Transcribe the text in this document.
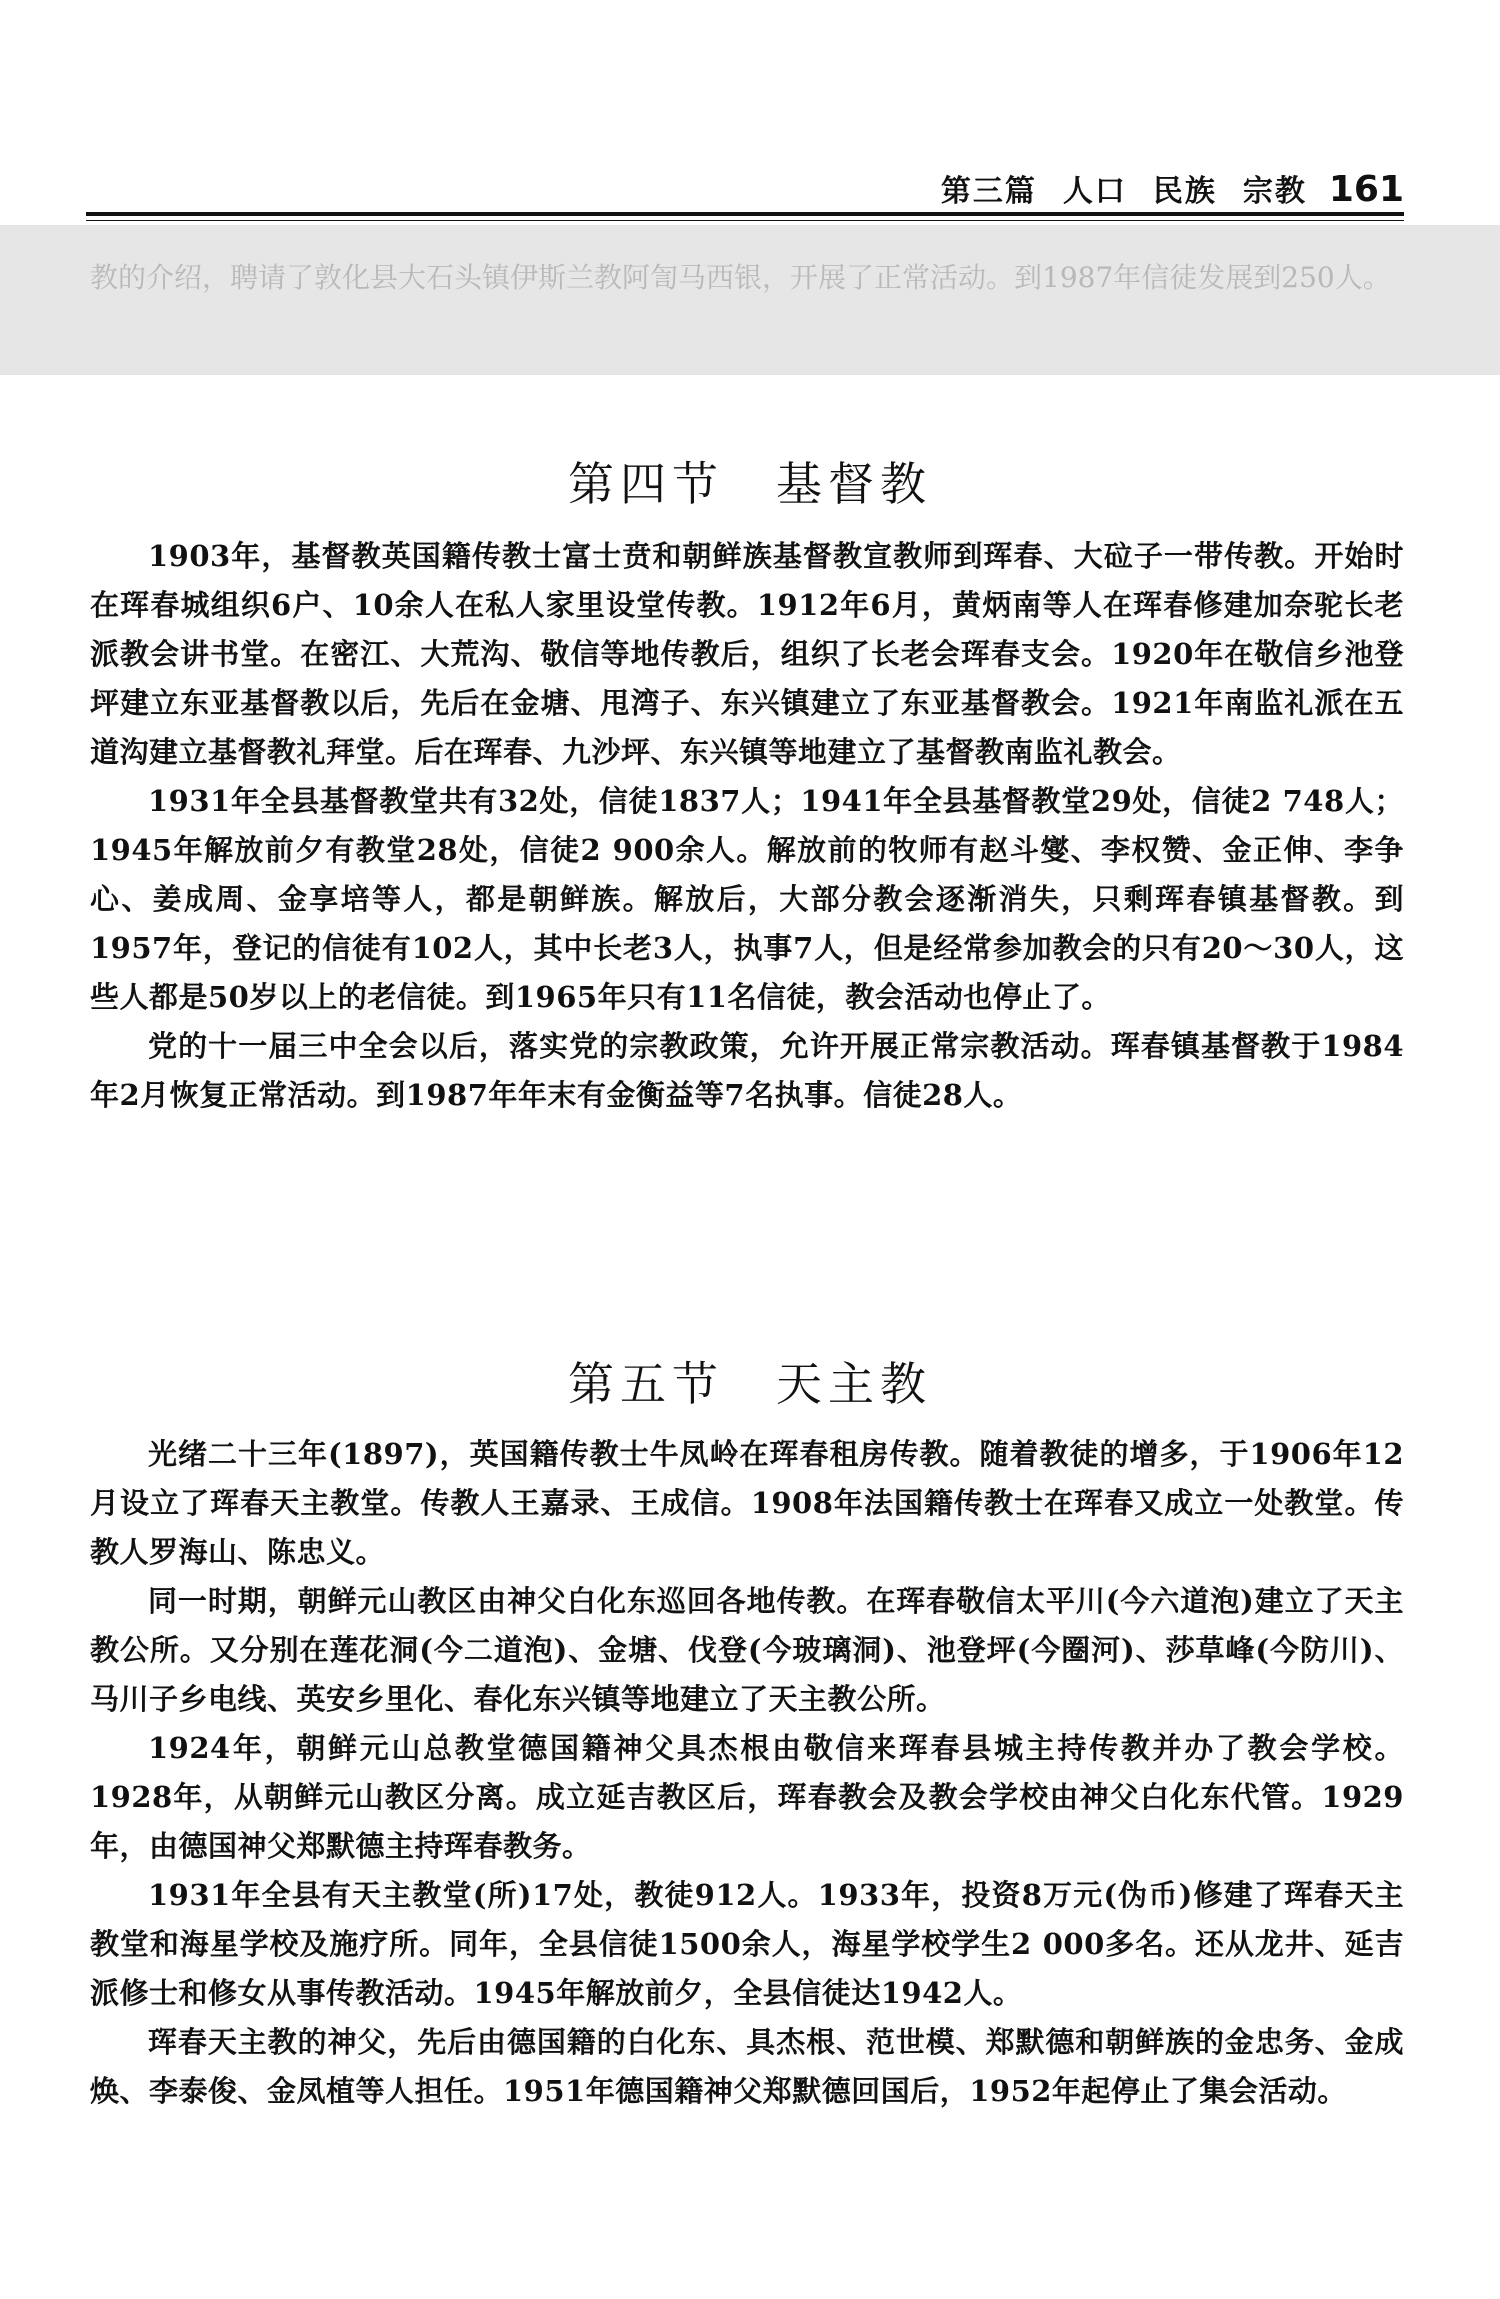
第三篇 人口 民族 宗教 161

教的介绍，聘请了敦化县大石头镇伊斯兰教阿訇马西银，开展了正常活动。到1987年信徒发展到250人。

第四节 基督教

1903年，基督教英国籍传教士富士贲和朝鲜族基督教宣教师到珲春、大砬子一带传教。开始时在珲春城组织6户、10余人在私人家里设堂传教。1912年6月，黄炳南等人在珲春修建加奈驼长老派教会讲书堂。在密江、大荒沟、敬信等地传教后，组织了长老会珲春支会。1920年在敬信乡池登坪建立东亚基督教以后，先后在金塘、甩湾子、东兴镇建立了东亚基督教会。1921年南监礼派在五道沟建立基督教礼拜堂。后在珲春、九沙坪、东兴镇等地建立了基督教南监礼教会。

1931年全县基督教堂共有32处，信徒1837人；1941年全县基督教堂29处，信徒2 748人；1945年解放前夕有教堂28处，信徒2 900余人。解放前的牧师有赵斗燮、李权赞、金正伸、李争心、姜成周、金享培等人，都是朝鲜族。解放后，大部分教会逐渐消失，只剩珲春镇基督教。到1957年，登记的信徒有102人，其中长老3人，执事7人，但是经常参加教会的只有20～30人，这些人都是50岁以上的老信徒。到1965年只有11名信徒，教会活动也停止了。

党的十一届三中全会以后，落实党的宗教政策，允许开展正常宗教活动。珲春镇基督教于1984年2月恢复正常活动。到1987年年末有金衡益等7名执事。信徒28人。

第五节 天主教

光绪二十三年(1897)，英国籍传教士牛凤岭在珲春租房传教。随着教徒的增多，于1906年12月设立了珲春天主教堂。传教人王嘉录、王成信。1908年法国籍传教士在珲春又成立一处教堂。传教人罗海山、陈忠义。

同一时期，朝鲜元山教区由神父白化东巡回各地传教。在珲春敬信太平川(今六道泡)建立了天主教公所。又分别在莲花洞(今二道泡)、金塘、伐登(今玻璃洞)、池登坪(今圈河)、莎草峰(今防川)、马川子乡电线、英安乡里化、春化东兴镇等地建立了天主教公所。

1924年，朝鲜元山总教堂德国籍神父具杰根由敬信来珲春县城主持传教并办了教会学校。1928年，从朝鲜元山教区分离。成立延吉教区后，珲春教会及教会学校由神父白化东代管。1929年，由德国神父郑默德主持珲春教务。

1931年全县有天主教堂(所)17处，教徒912人。1933年，投资8万元(伪币)修建了珲春天主教堂和海星学校及施疗所。同年，全县信徒1500余人，海星学校学生2 000多名。还从龙井、延吉派修士和修女从事传教活动。1945年解放前夕，全县信徒达1942人。

珲春天主教的神父，先后由德国籍的白化东、具杰根、范世模、郑默德和朝鲜族的金忠务、金成焕、李泰俊、金凤植等人担任。1951年德国籍神父郑默德回国后，1952年起停止了集会活动。
